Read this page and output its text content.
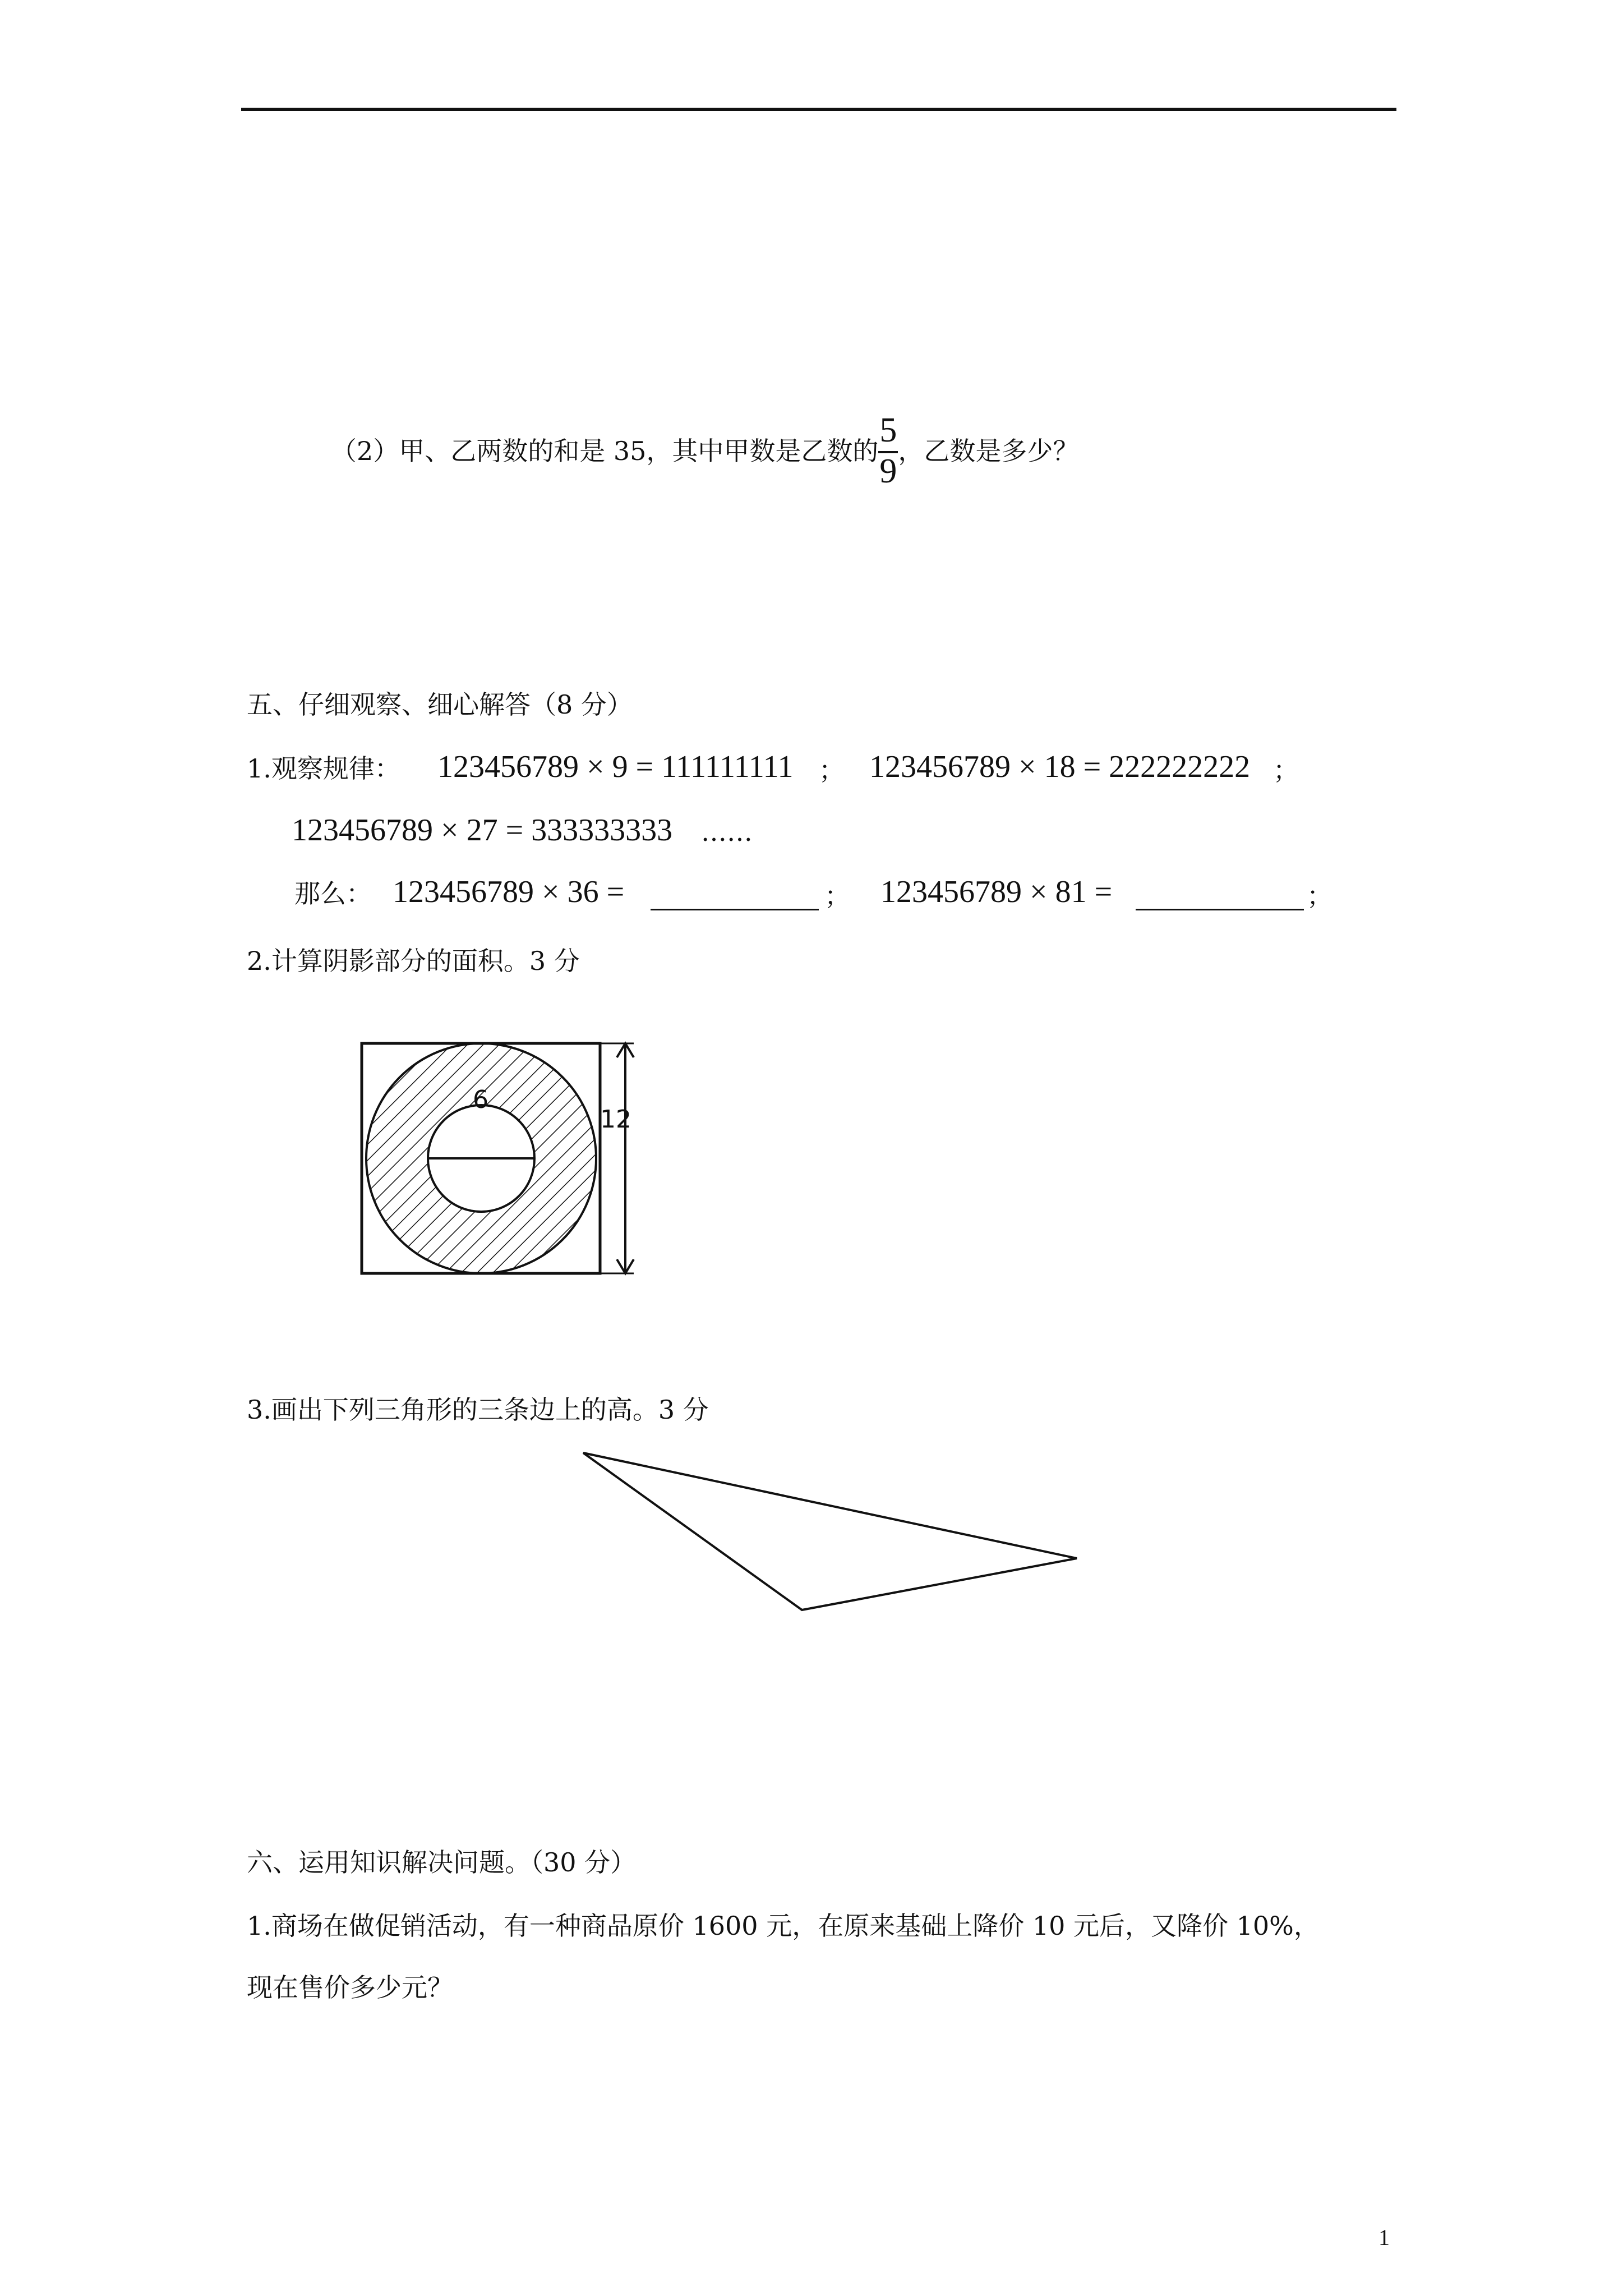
（2）甲、乙两数的和是 35，其中甲数是乙数的 $\frac{5}{9}$ ，乙数是多少？
五、仔细观察、细心解答（8 分）
1.观察规律： 123456789 × 9 = 111111111 ； 123456789 × 18 = 222222222 ；
123456789 × 27 = 333333333 ……
那么： 123456789 × 36 =	； 123456789 × 81 =	；
2.计算阴影部分的面积。3 分
6
12
3.画出下列三角形的三条边上的高。3 分
六、运用知识解决问题。（30 分）
1.商场在做促销活动，有一种商品原价 1600 元，在原来基础上降价 10 元后，又降价 10%，
现在售价多少元？
1
